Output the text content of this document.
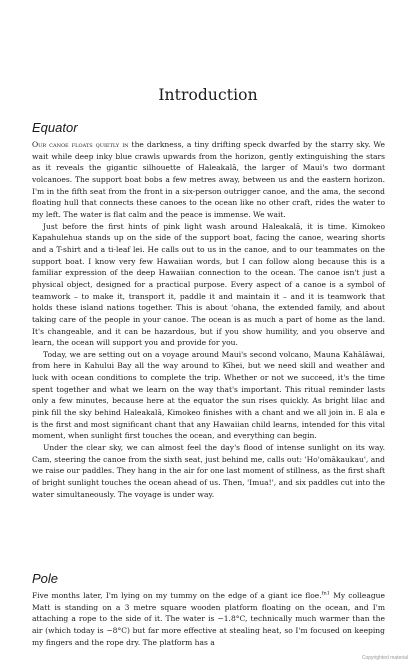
Introduction
Equator

Our canoe floats quietly in the darkness, a tiny drifting speck dwarfed by the starry sky. We wait while deep inky blue crawls upwards from the horizon, gently extinguishing the stars as it reveals the gigantic silhouette of Haleakalā, the larger of Maui's two dormant volcanoes. The support boat bobs a few metres away, between us and the eastern horizon. I'm in the fifth seat from the front in a six-person outrigger canoe, and the ama, the second floating hull that connects these canoes to the ocean like no other craft, rides the water to my left. The water is flat calm and the peace is immense. We wait.

Just before the first hints of pink light wash around Haleakalā, it is time. Kimokeo Kapahulehua stands up on the side of the support boat, facing the canoe, wearing shorts and a T-shirt and a ti-leaf lei. He calls out to us in the canoe, and to our teammates on the support boat. I know very few Hawaiian words, but I can follow along because this is a familiar expression of the deep Hawaiian connection to the ocean. The canoe isn't just a physical object, designed for a practical purpose. Every aspect of a canoe is a symbol of teamwork – to make it, transport it, paddle it and maintain it – and it is teamwork that holds these island nations together. This is about 'ohana, the extended family, and about taking care of the people in your canoe. The ocean is as much a part of home as the land. It's changeable, and it can be hazardous, but if you show humility, and you observe and learn, the ocean will support you and provide for you.

Today, we are setting out on a voyage around Maui's second volcano, Mauna Kahālāwai, from here in Kahului Bay all the way around to Kīhei, but we need skill and weather and luck with ocean conditions to complete the trip. Whether or not we succeed, it's the time spent together and what we learn on the way that's important. This ritual reminder lasts only a few minutes, because here at the equator the sun rises quickly. As bright lilac and pink fill the sky behind Haleakalā, Kimokeo finishes with a chant and we all join in. E ala e is the first and most significant chant that any Hawaiian child learns, intended for this vital moment, when sunlight first touches the ocean, and everything can begin.

Under the clear sky, we can almost feel the day's flood of intense sunlight on its way. Cam, steering the canoe from the sixth seat, just behind me, calls out: 'Ho'omākaukau', and we raise our paddles. They hang in the air for one last moment of stillness, as the first shaft of bright sunlight touches the ocean ahead of us. Then, 'Imua!', and six paddles cut into the water simultaneously. The voyage is under way.

Pole

Five months later, I'm lying on my tummy on the edge of a giant ice floe.$^{fn1}$ My colleague Matt is standing on a 3 metre square wooden platform floating on the ocean, and I'm attaching a rope to the side of it. The water is −1.8°C, technically much warmer than the air (which today is −8°C) but far more effective at stealing heat, so I'm focused on keeping my fingers and the rope dry. The platform has a

Copyrighted material
